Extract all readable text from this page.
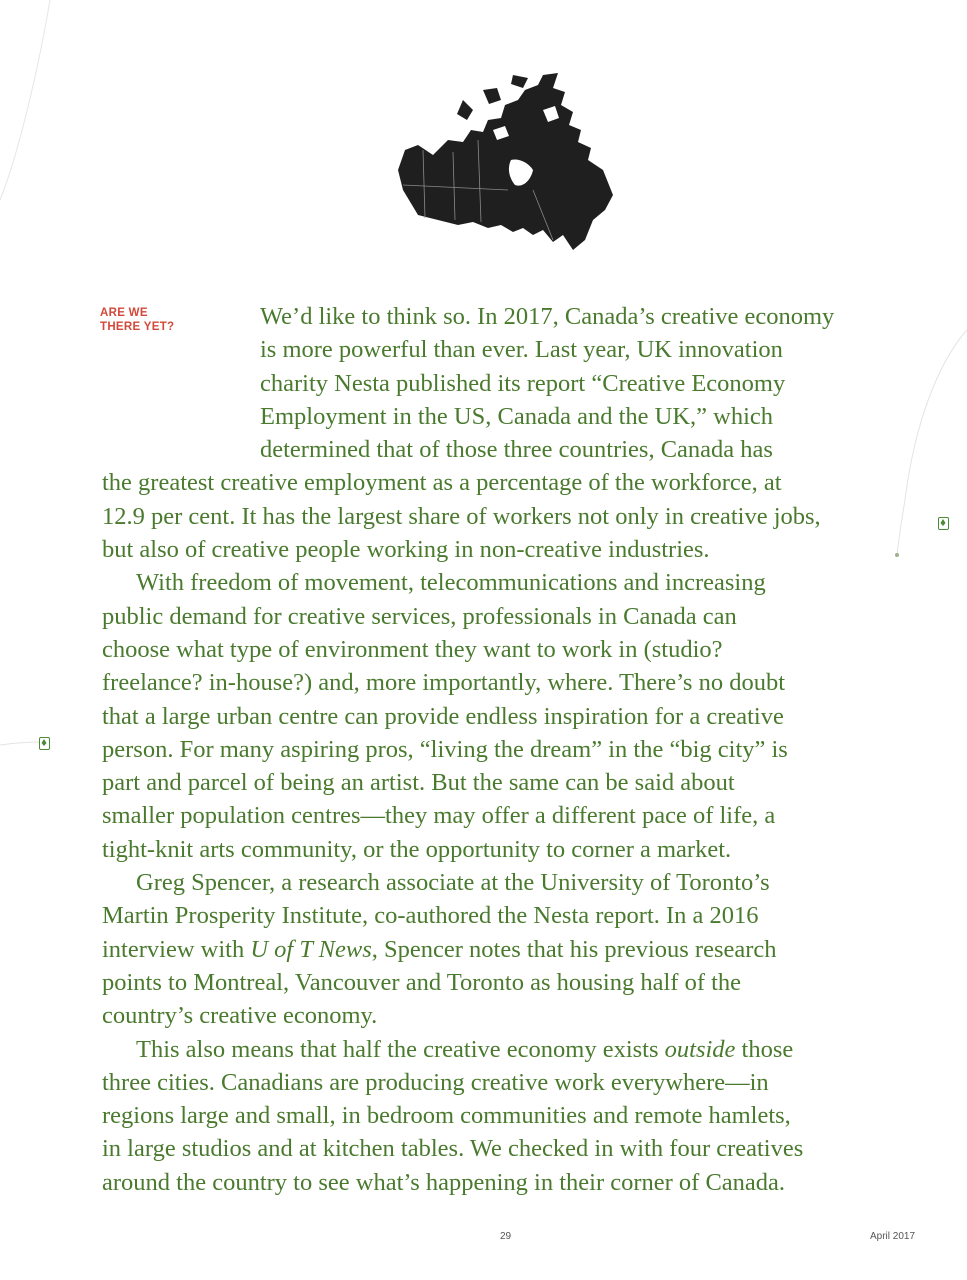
ARE WE
THERE YET?	We’d like to think so. In 2017, Canada’s creative economy
is more powerful than ever. Last year, UK innovation
charity Nesta published its report “Creative Economy
Employment in the US, Canada and the UK,” which
determined that of those three countries, Canada has
the greatest creative employment as a percentage of the workforce, at
12.9 per cent. It has the largest share of workers not only in creative jobs,
but also of creative people working in non-creative industries.
With freedom of movement, telecommunications and increasing
public demand for creative services, professionals in Canada can
choose what type of environment they want to work in (studio?
freelance? in-house?) and, more importantly, where. There’s no doubt
that a large urban centre can provide endless inspiration for a creative
person. For many aspiring pros, “living the dream” in the “big city” is
part and parcel of being an artist. But the same can be said about
smaller population centres—they may offer a different pace of life, a
tight-knit arts community, or the opportunity to corner a market.
Greg Spencer, a research associate at the University of Toronto’s
Martin Prosperity Institute, co-authored the Nesta report. In a 2016
interview with U of T News, Spencer notes that his previous research
points to Montreal, Vancouver and Toronto as housing half of the
country’s creative economy.
This also means that half the creative economy exists outside those
three cities. Canadians are producing creative work everywhere—in
regions large and small, in bedroom communities and remote hamlets,
in large studios and at kitchen tables. We checked in with four creatives
around the country to see what’s happening in their corner of Canada.
29	April 2017
